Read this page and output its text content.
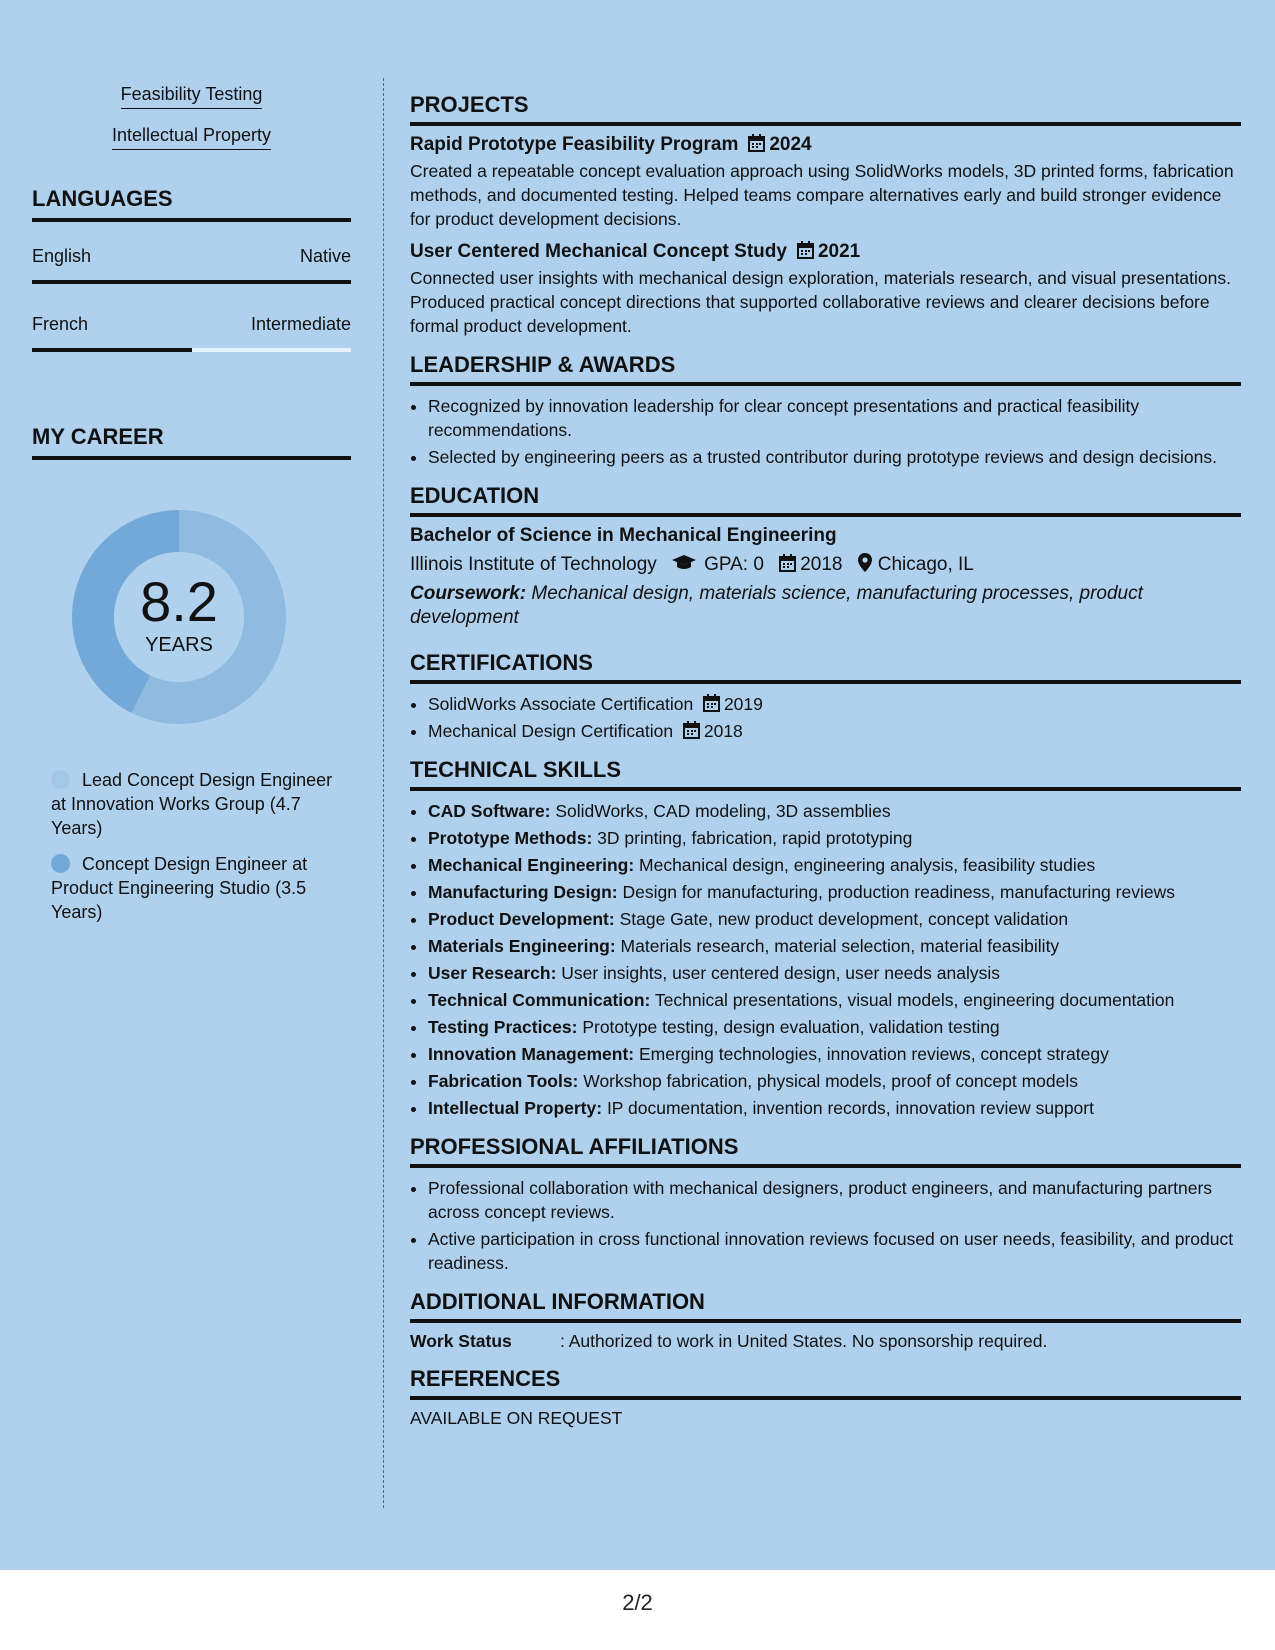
Feasibility Testing
Intellectual Property
LANGUAGES
English	Native
French	Intermediate
MY CAREER
8.2
YEARS
Lead Concept Design Engineer at Innovation Works Group (4.7 Years)
Concept Design Engineer at Product Engineering Studio (3.5 Years)
PROJECTS
Rapid Prototype Feasibility Program 2024
Created a repeatable concept evaluation approach using SolidWorks models, 3D printed forms, fabrication methods, and documented testing. Helped teams compare alternatives early and build stronger evidence for product development decisions.
User Centered Mechanical Concept Study 2021
Connected user insights with mechanical design exploration, materials research, and visual presentations. Produced practical concept directions that supported collaborative reviews and clearer decisions before formal product development.
LEADERSHIP & AWARDS
• Recognized by innovation leadership for clear concept presentations and practical feasibility recommendations.
• Selected by engineering peers as a trusted contributor during prototype reviews and design decisions.
EDUCATION
Bachelor of Science in Mechanical Engineering
Illinois Institute of Technology GPA: 0 2018 Chicago, IL
Coursework: Mechanical design, materials science, manufacturing processes, product development
CERTIFICATIONS
• SolidWorks Associate Certification 2019
• Mechanical Design Certification 2018
TECHNICAL SKILLS
• CAD Software: SolidWorks, CAD modeling, 3D assemblies
• Prototype Methods: 3D printing, fabrication, rapid prototyping
• Mechanical Engineering: Mechanical design, engineering analysis, feasibility studies
• Manufacturing Design: Design for manufacturing, production readiness, manufacturing reviews
• Product Development: Stage Gate, new product development, concept validation
• Materials Engineering: Materials research, material selection, material feasibility
• User Research: User insights, user centered design, user needs analysis
• Technical Communication: Technical presentations, visual models, engineering documentation
• Testing Practices: Prototype testing, design evaluation, validation testing
• Innovation Management: Emerging technologies, innovation reviews, concept strategy
• Fabrication Tools: Workshop fabrication, physical models, proof of concept models
• Intellectual Property: IP documentation, invention records, innovation review support
PROFESSIONAL AFFILIATIONS
• Professional collaboration with mechanical designers, product engineers, and manufacturing partners across concept reviews.
• Active participation in cross functional innovation reviews focused on user needs, feasibility, and product readiness.
ADDITIONAL INFORMATION
Work Status	: Authorized to work in United States. No sponsorship required.
REFERENCES
AVAILABLE ON REQUEST
2/2
